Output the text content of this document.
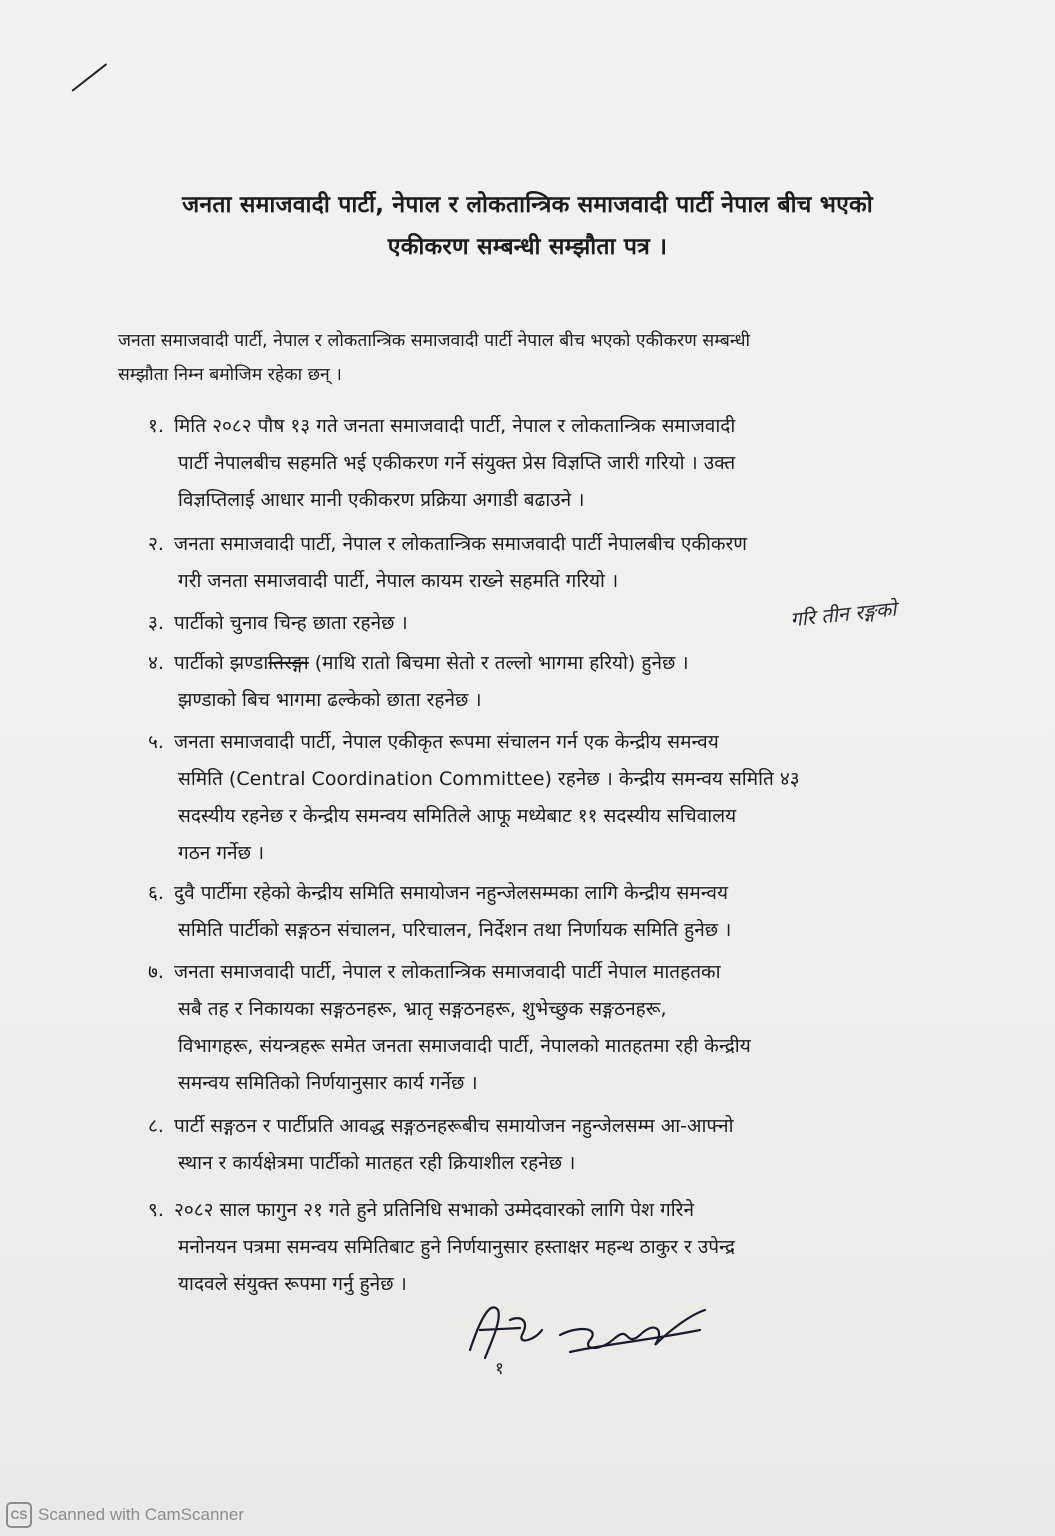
जनता समाजवादी पार्टी, नेपाल र लोकतान्त्रिक समाजवादी पार्टी नेपाल बीच भएको
एकीकरण सम्बन्धी सम्झौता पत्र ।
जनता समाजवादी पार्टी, नेपाल र लोकतान्त्रिक समाजवादी पार्टी नेपाल बीच भएको एकीकरण सम्बन्धी
सम्झौता निम्न बमोजिम रहेका छन् ।
१. मिति २०८२ पौष १३ गते जनता समाजवादी पार्टी, नेपाल र लोकतान्त्रिक समाजवादी
पार्टी नेपालबीच सहमति भई एकीकरण गर्ने संयुक्त प्रेस विज्ञप्ति जारी गरियो । उक्त
विज्ञप्तिलाई आधार मानी एकीकरण प्रक्रिया अगाडी बढाउने ।
२. जनता समाजवादी पार्टी, नेपाल र लोकतान्त्रिक समाजवादी पार्टी नेपालबीच एकीकरण
गरी जनता समाजवादी पार्टी, नेपाल कायम राख्ने सहमति गरियो ।
३. पार्टीको चुनाव चिन्ह छाता रहनेछ ।	गरि तीन रङ्गको
४. पार्टीको झण्डातिरङ्गा (माथि रातो बिचमा सेतो र तल्लो भागमा हरियो) हुनेछ ।
झण्डाको बिच भागमा ढल्केको छाता रहनेछ ।
५. जनता समाजवादी पार्टी, नेपाल एकीकृत रूपमा संचालन गर्न एक केन्द्रीय समन्वय
समिति (Central Coordination Committee) रहनेछ । केन्द्रीय समन्वय समिति ४३
सदस्यीय रहनेछ र केन्द्रीय समन्वय समितिले आफू मध्येबाट ११ सदस्यीय सचिवालय
गठन गर्नेछ ।
६. दुवै पार्टीमा रहेको केन्द्रीय समिति समायोजन नहुन्जेलसम्मका लागि केन्द्रीय समन्वय
समिति पार्टीको सङ्गठन संचालन, परिचालन, निर्देशन तथा निर्णायक समिति हुनेछ ।
७. जनता समाजवादी पार्टी, नेपाल र लोकतान्त्रिक समाजवादी पार्टी नेपाल मातहतका
सबै तह र निकायका सङ्गठनहरू, भ्रातृ सङ्गठनहरू, शुभेच्छुक सङ्गठनहरू,
विभागहरू, संयन्त्रहरू समेत जनता समाजवादी पार्टी, नेपालको मातहतमा रही केन्द्रीय
समन्वय समितिको निर्णयानुसार कार्य गर्नेछ ।
८. पार्टी सङ्गठन र पार्टीप्रति आवद्ध सङ्गठनहरूबीच समायोजन नहुन्जेलसम्म आ-आफ्नो
स्थान र कार्यक्षेत्रमा पार्टीको मातहत रही क्रियाशील रहनेछ ।
९. २०८२ साल फागुन २१ गते हुने प्रतिनिधि सभाको उम्मेदवारको लागि पेश गरिने
मनोनयन पत्रमा समन्वय समितिबाट हुने निर्णयानुसार हस्ताक्षर महन्थ ठाकुर र उपेन्द्र
यादवले संयुक्त रूपमा गर्नु हुनेछ ।
१
CS Scanned with CamScanner
